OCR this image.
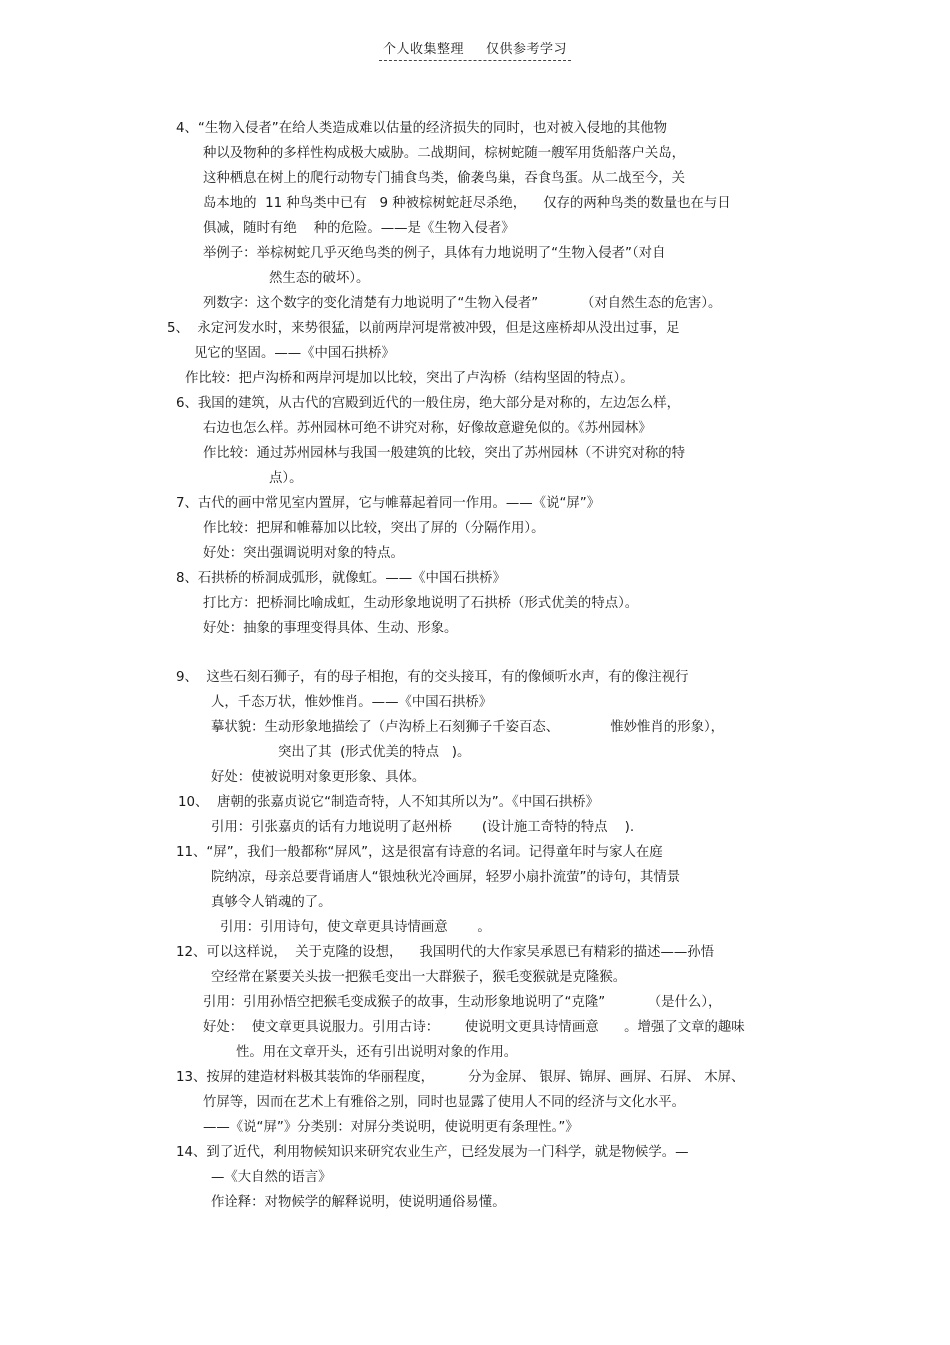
个人收集整理 仅供参考学习
4、“生物入侵者”在给人类造成难以估量的经济损失的同时，也对被入侵地的其他物
种以及物种的多样性构成极大威胁。二战期间，棕树蛇随一艘军用货船落户关岛，
这种栖息在树上的爬行动物专门捕食鸟类，偷袭鸟巢，吞食鸟蛋。从二战至今，关
岛本地的  11 种鸟类中已有   9 种被棕树蛇赶尽杀绝，    仅存的两种鸟类的数量也在与日
俱减，随时有绝    种的危险。——是《生物入侵者》
举例子：举棕树蛇几乎灭绝鸟类的例子，具体有力地说明了“生物入侵者”（对自
然生态的破坏）。
列数字：这个数字的变化清楚有力地说明了“生物入侵者”          （对自然生态的危害）。
5、  永定河发水时，来势很猛，以前两岸河堤常被冲毁，但是这座桥却从没出过事，足
见它的坚固。——《中国石拱桥》
作比较：把卢沟桥和两岸河堤加以比较，突出了卢沟桥（结构坚固的特点）。
6、我国的建筑，从古代的宫殿到近代的一般住房，绝大部分是对称的，左边怎么样，
右边也怎么样。苏州园林可绝不讲究对称，好像故意避免似的。《苏州园林》
作比较：通过苏州园林与我国一般建筑的比较，突出了苏州园林（不讲究对称的特
点）。
7、古代的画中常见室内置屏，它与帷幕起着同一作用。——《说“屏”》
作比较：把屏和帷幕加以比较，突出了屏的（分隔作用）。
好处：突出强调说明对象的特点。
8、石拱桥的桥洞成弧形，就像虹。——《中国石拱桥》
打比方：把桥洞比喻成虹，生动形象地说明了石拱桥（形式优美的特点）。
好处：抽象的事理变得具体、生动、形象。
9、  这些石刻石狮子，有的母子相抱，有的交头接耳，有的像倾听水声，有的像注视行
人，千态万状，惟妙惟肖。——《中国石拱桥》
摹状貌：生动形象地描绘了（卢沟桥上石刻狮子千姿百态、            惟妙惟肖的形象），
突出了其  (形式优美的特点   )。
好处：使被说明对象更形象、具体。
10、  唐朝的张嘉贞说它“制造奇特，人不知其所以为”。《中国石拱桥》
引用：引张嘉贞的话有力地说明了赵州桥       (设计施工奇特的特点    ).
11、“屏”，我们一般都称“屏风”，这是很富有诗意的名词。记得童年时与家人在庭
院纳凉，母亲总要背诵唐人“银烛秋光冷画屏，轻罗小扇扑流萤”的诗句，其情景
真够令人销魂的了。
引用：引用诗句，使文章更具诗情画意       。
12、可以这样说，  关于克隆的设想，    我国明代的大作家吴承恩已有精彩的描述——孙悟
空经常在紧要关头拔一把猴毛变出一大群猴子，猴毛变猴就是克隆猴。
引用：引用孙悟空把猴毛变成猴子的故事，生动形象地说明了“克隆”          （是什么），
好处：  使文章更具说服力。引用古诗：      使说明文更具诗情画意      。增强了文章的趣味
性。用在文章开头，还有引出说明对象的作用。
13、按屏的建造材料极其装饰的华丽程度，        分为金屏、 银屏、锦屏、画屏、石屏、 木屏、
竹屏等，因而在艺术上有雅俗之别，同时也显露了使用人不同的经济与文化水平。
——《说“屏”》分类别：对屏分类说明，使说明更有条理性。”》
14、到了近代，利用物候知识来研究农业生产，已经发展为一门科学，就是物候学。—
—《大自然的语言》
作诠释：对物候学的解释说明，使说明通俗易懂。
